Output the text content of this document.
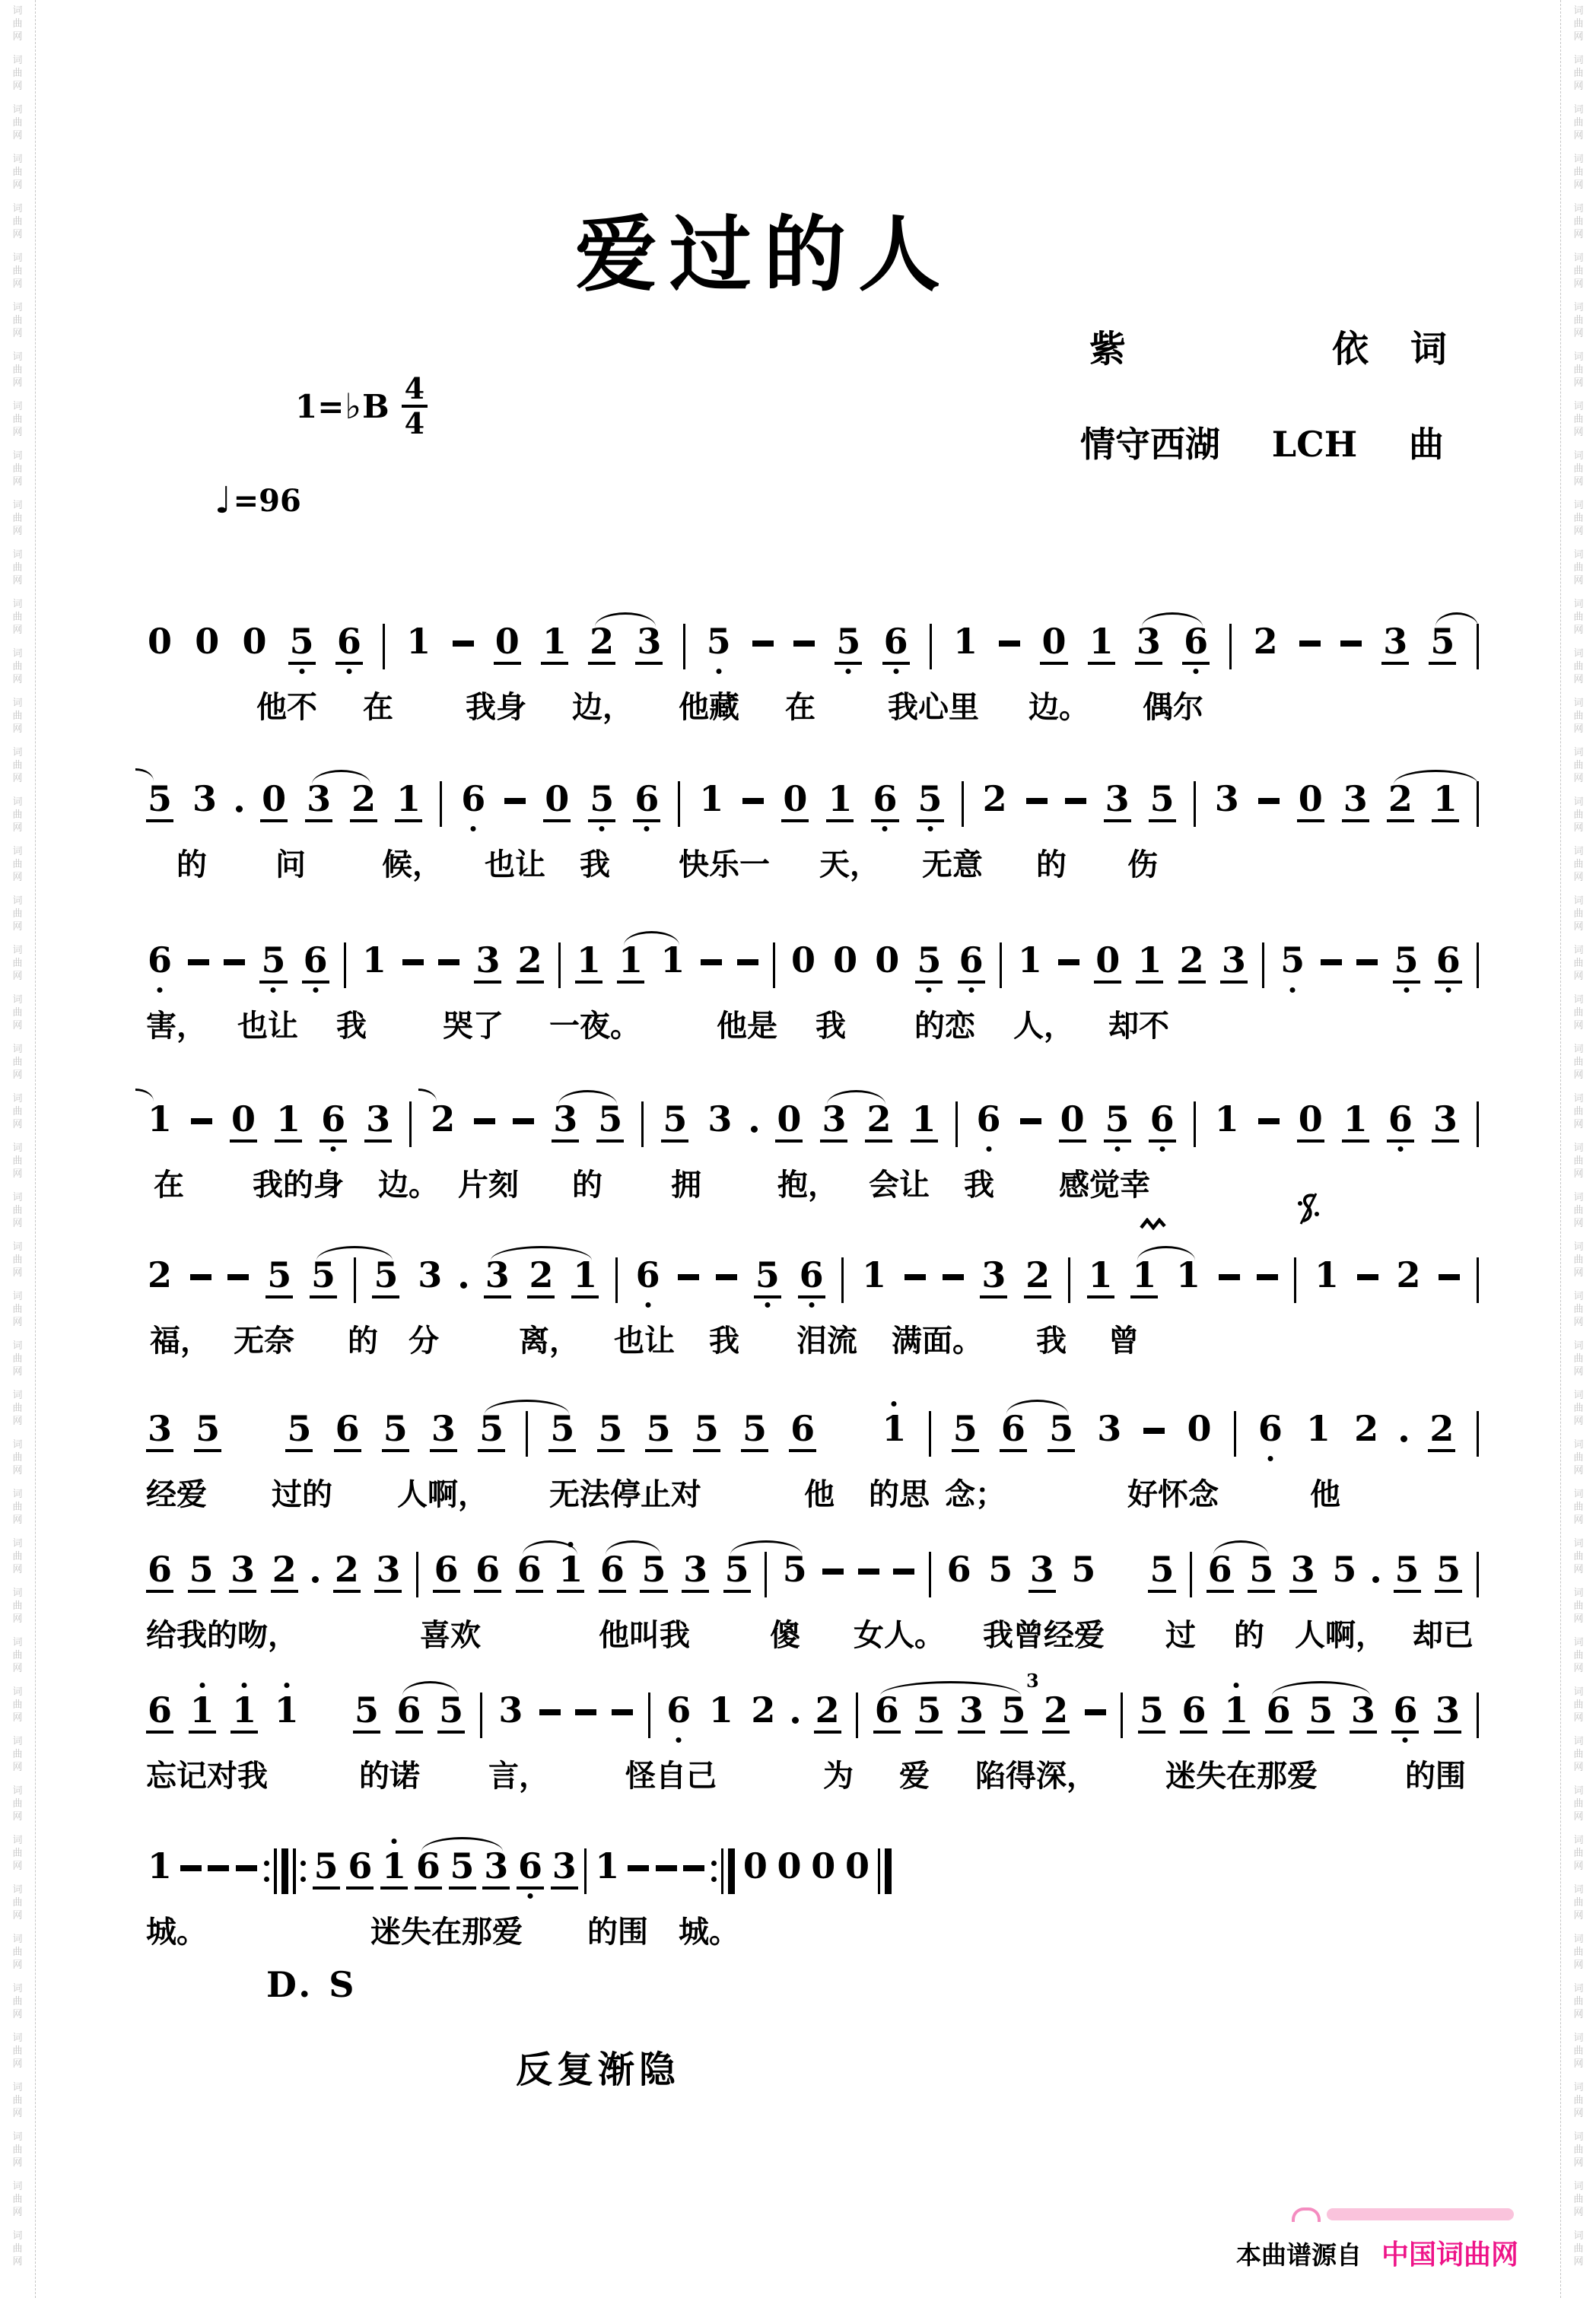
词
曲
网
词
曲
网
词
曲
网
词
曲
网
词
曲
网
词
曲
网
词
曲
网
词
曲
网
词
曲
网
词
曲
网
词
曲
网
词
曲
网
词
曲
网
词
曲
网
词
曲
网
词
曲
网
词
曲
网
词
曲
网
词
曲
网
词
曲
网
词
曲
网
词
曲
网
词
曲
网
词
曲
网
词
曲
网
词
曲
网
词
曲
网
词
曲
网
词
曲
网
词
曲
网
词
曲
网
词
曲
网
词
曲
网
词
曲
网
词
曲
网
词
曲
网
词
曲
网
词
曲
网
词
曲
网
词
曲
网
词
曲
网
词
曲
网
词
曲
网
词
曲
网
词
曲
网
词
曲
网
词
曲
网
词
曲
网
词
曲
网
词
曲
网
词
曲
网
词
曲
网
词
曲
网
词
曲
网
词
曲
网
词
曲
网
词
曲
网
词
曲
网
词
曲
网
词
曲
网
词
曲
网
词
曲
网
词
曲
网
词
曲
网
词
曲
网
词
曲
网
词
曲
网
词
曲
网
词
曲
网
词
曲
网
词
曲
网
词
曲
网
词
曲
网
词
曲
网
词
曲
网
词
曲
网
词
曲
网
词
曲
网
词
曲
网
词
曲
网
词
曲
网
词
曲
网
词
曲
网
词
曲
网
词
曲
网
词
曲
网
词
曲
网
词
曲
网
词
曲
网
词
曲
网
词
曲
网
词
曲
网
爱过的人
紫	依 词
1= ♭ B $\frac{4}{4}$
情守西湖 LCH 曲
♩ =96
0 0 0 5 6 1 0 1 2 3 5	5 6 1 0 1 3 6 2	3 5
他不 在 我身 边， 他藏 在 我心里 边。 偶尔
5 3 0 3 2 1 6 0 5 6 1 0 1 6 5 2	3 5 3 0 3 2 1
的 问	候， 也让 我 快乐一 天， 无意 的 伤
6	5 6 1	3 2 1 1 1	0 0 0 5 6 1 0 1 2 3 5	5 6
害， 也让 我	哭了 一夜。	他是 我 的恋 人， 却不
1 0 1 6 3 2	3 5 5 3 0 3 2 1 6 0 5 6 1 0 1 6 3
在 我的身 边。 片刻 的 拥	抱， 会让 我 感觉幸
2	5 5 5 3 3 2 1 6	5 6 1	3 2 1 1 1	1 2
福， 无奈 的 分	离， 也让 我 泪流 满面。 我 曾
3 5 5 6 5 3 5 5 5 5 5 5 6 1 5 6 5 3 0 6 1 2 2
经爱 过的 人啊， 无法停止对	他 的思 念；	好怀念	他
6 5 3 2 2 3 6 6 6 1 6 5 3 5 5	6 5 3 5 5 6 5 3 5 5 5
给我的吻，	喜欢	他叫我	傻 女人。 我曾经爱 过 的 人啊， 却已
6 1 1 1 5 6 5 3	6 1 2 2 6 5 3 5 2 5 6 1 6 5 3 6 3
3
忘记对我	的诺 言，	怪自己	为 爱 陷得深， 迷失在那爱	的围
1	5 6 1 6 5 3 6 3 1	0 0 0 0
城。	迷失在那爱 的围 城。
D. S
反复渐隐
本曲谱源自 中国词曲网
